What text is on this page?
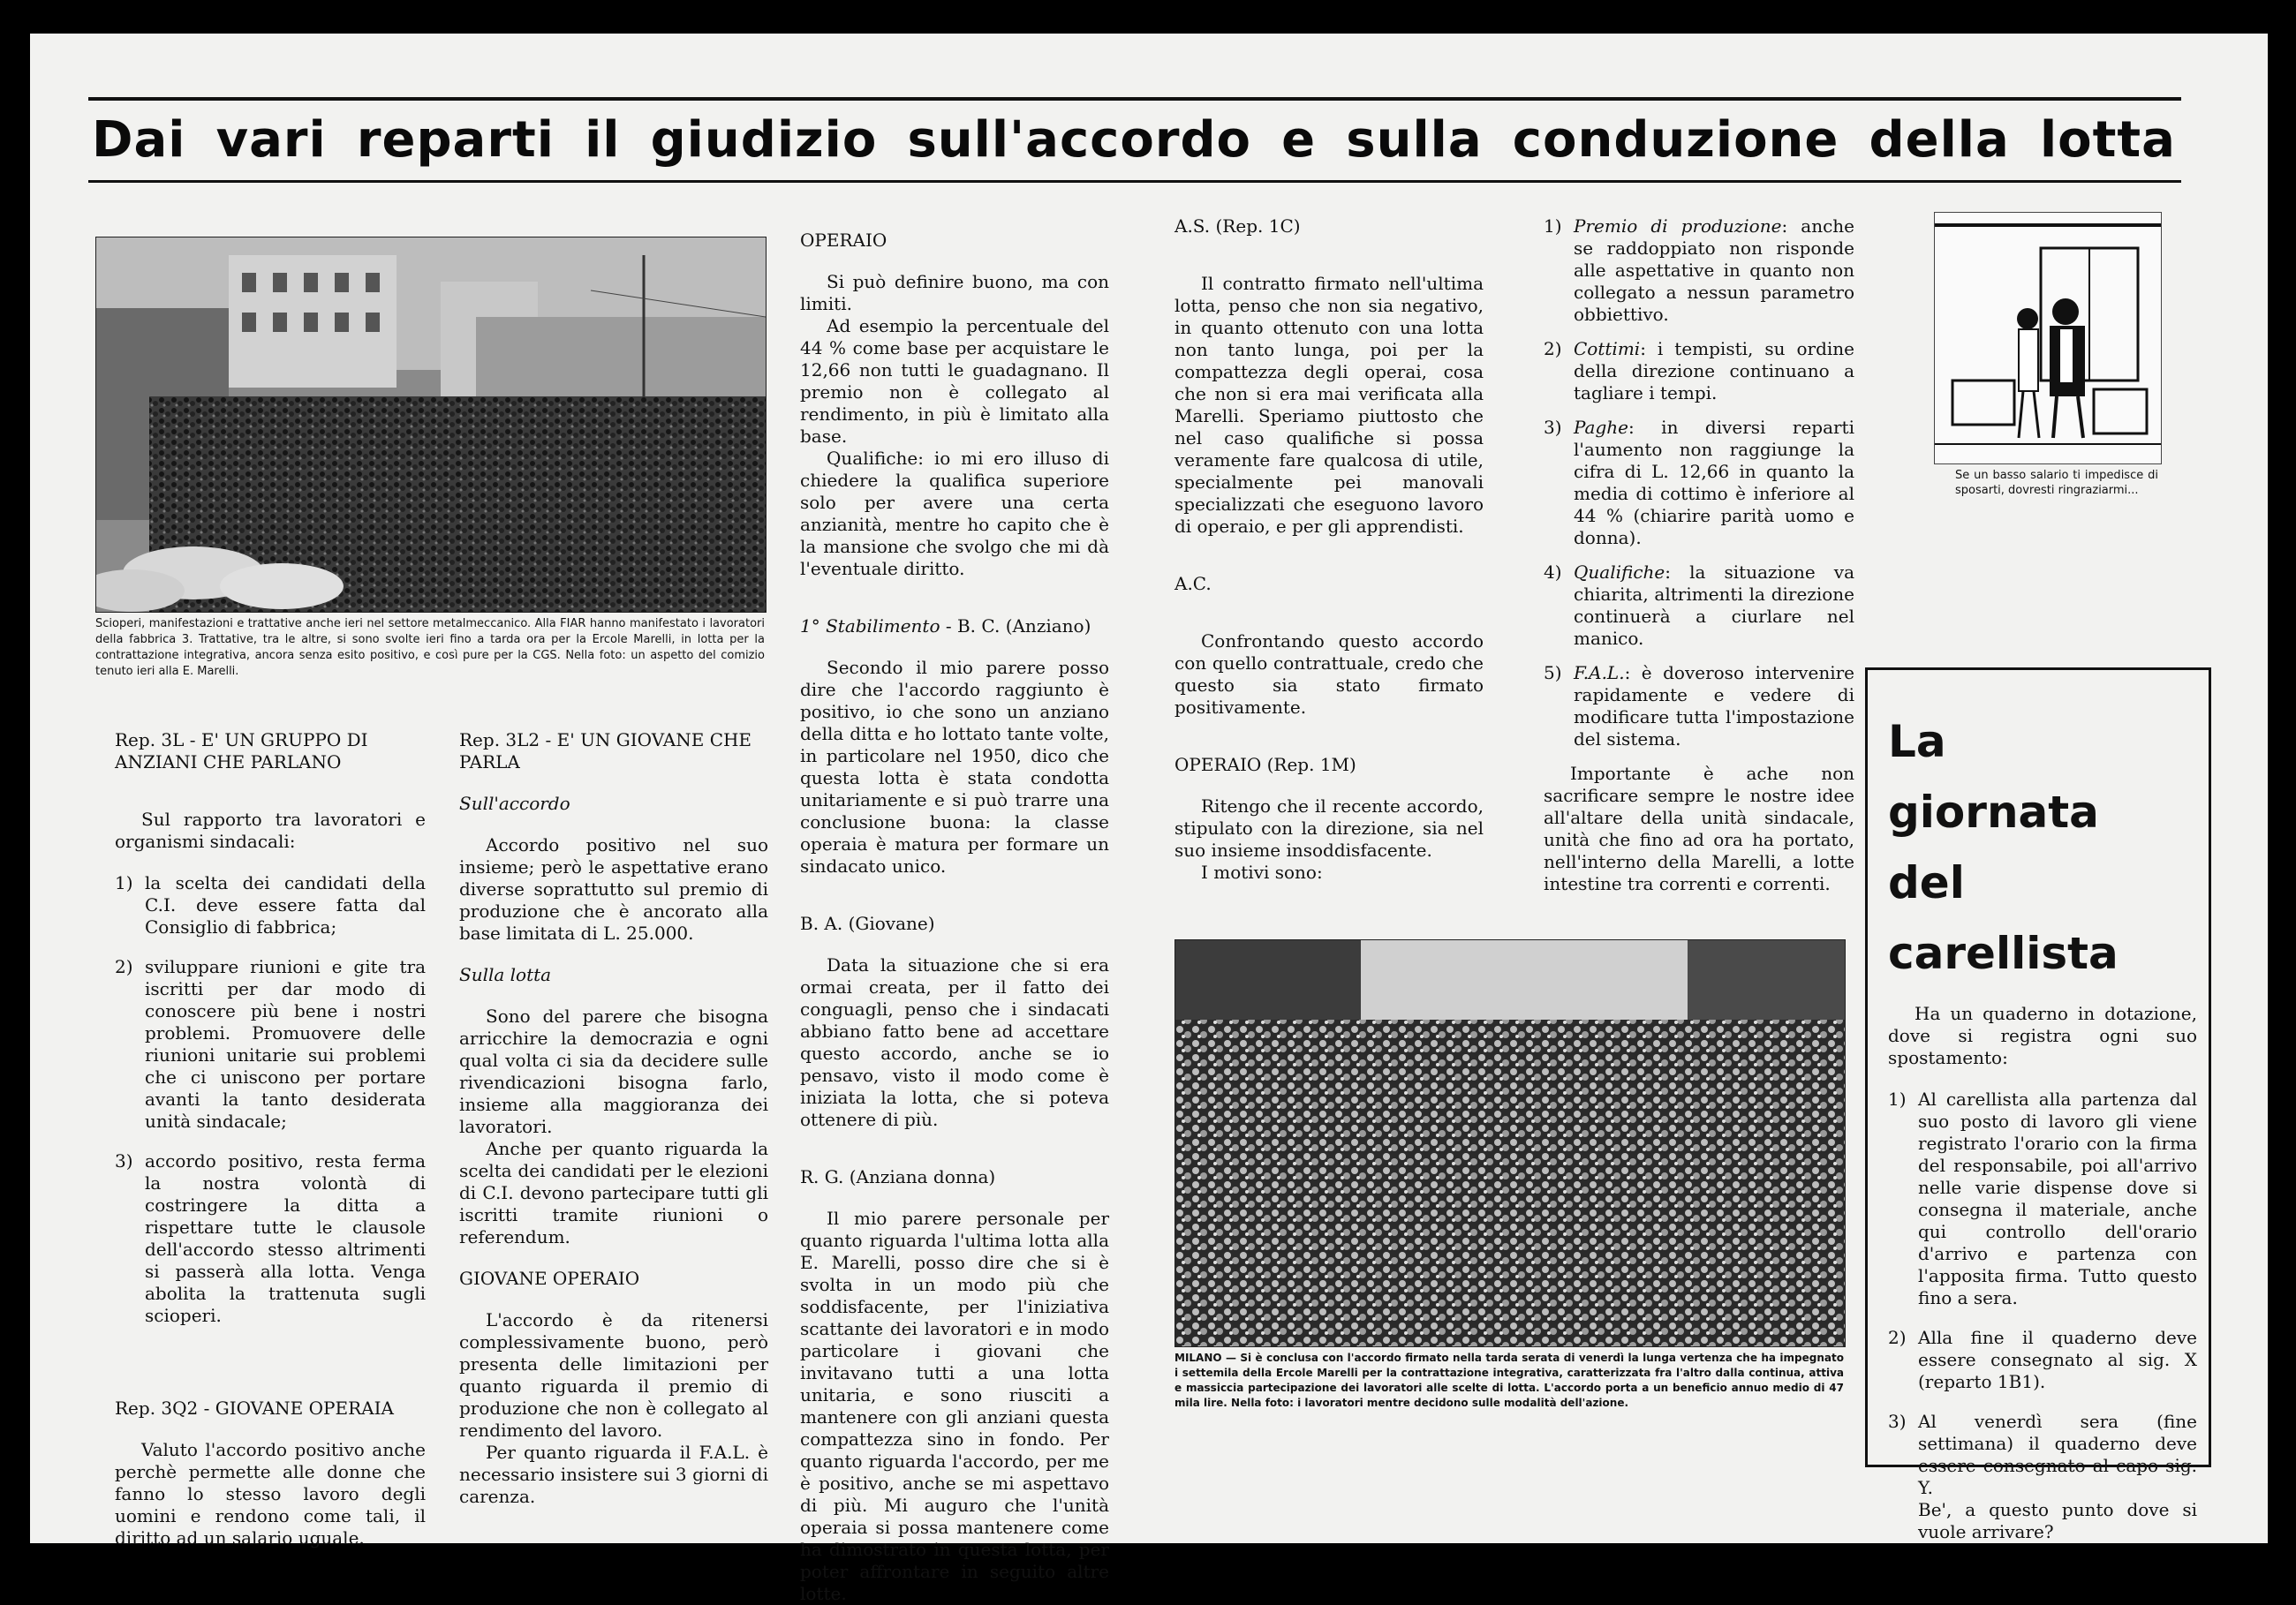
Dai vari reparti il giudizio sull'accordo e sulla conduzione della lotta
Scioperi, manifestazioni e trattative anche ieri nel settore metalmeccanico. Alla FIAR hanno manifestato i lavoratori della fabbrica 3. Trattative, tra le altre, si sono svolte ieri fino a tarda ora per la Ercole Marelli, in lotta per la contrattazione integrativa, ancora senza esito positivo, e così pure per la CGS. Nella foto: un aspetto del comizio tenuto ieri alla E. Marelli.

Rep. 3L - E' UN GRUPPO DI ANZIANI CHE PARLANO

Sul rapporto tra lavoratori e organismi sindacali:

1) la scelta dei candidati della C.I. deve essere fatta dal Consiglio di fabbrica;
2) sviluppare riunioni e gite tra iscritti per dar modo di conoscere più bene i nostri problemi. Promuovere delle riunioni unitarie sui problemi che ci uniscono per portare avanti la tanto desiderata unità sindacale;
3) accordo positivo, resta ferma la nostra volontà di costringere la ditta a rispettare tutte le clausole dell'accordo stesso altrimenti si passerà alla lotta. Venga abolita la trattenuta sugli scioperi.

Rep. 3Q2 - GIOVANE OPERAIA

Valuto l'accordo positivo anche perchè permette alle donne che fanno lo stesso lavoro degli uomini e rendono come tali, il diritto ad un salario uguale.

Rep. 3L2 - E' UN GIOVANE CHE PARLA

Sull'accordo

Accordo positivo nel suo insieme; però le aspettative erano diverse soprattutto sul premio di produzione che è ancorato alla base limitata di L. 25.000.

Sulla lotta

Sono del parere che bisogna arricchire la democrazia e ogni qual volta ci sia da decidere sulle rivendicazioni bisogna farlo, insieme alla maggioranza dei lavoratori.

Anche per quanto riguarda la scelta dei candidati per le elezioni di C.I. devono partecipare tutti gli iscritti tramite riunioni o referendum.

GIOVANE OPERAIO

L'accordo è da ritenersi complessivamente buono, però presenta delle limitazioni per quanto riguarda il premio di produzione che non è collegato al rendimento del lavoro.

Per quanto riguarda il F.A.L. è necessario insistere sui 3 giorni di carenza.

OPERAIO

Si può definire buono, ma con limiti.

Ad esempio la percentuale del 44 % come base per acquistare le 12,66 non tutti le guadagnano. Il premio non è collegato al rendimento, in più è limitato alla base.

Qualifiche: io mi ero illuso di chiedere la qualifica superiore solo per avere una certa anzianità, mentre ho capito che è la mansione che svolgo che mi dà l'eventuale diritto.

1° Stabilimento - B. C. (Anziano)

Secondo il mio parere posso dire che l'accordo raggiunto è positivo, io che sono un anziano della ditta e ho lottato tante volte, in particolare nel 1950, dico che questa lotta è stata condotta unitariamente e si può trarre una conclusione buona: la classe operaia è matura per formare un sindacato unico.

B. A. (Giovane)

Data la situazione che si era ormai creata, per il fatto dei conguagli, penso che i sindacati abbiano fatto bene ad accettare questo accordo, anche se io pensavo, visto il modo come è iniziata la lotta, che si poteva ottenere di più.

R. G. (Anziana donna)

Il mio parere personale per quanto riguarda l'ultima lotta alla E. Marelli, posso dire che si è svolta in un modo più che soddisfacente, per l'iniziativa scattante dei lavoratori e in modo particolare i giovani che invitavano tutti a una lotta unitaria, e sono riusciti a mantenere con gli anziani questa compattezza sino in fondo. Per quanto riguarda l'accordo, per me è positivo, anche se mi aspettavo di più. Mi auguro che l'unità operaia si possa mantenere come ha dimostrato in questa lotta, per poter affrontare in seguito altre lotte.

A.S. (Rep. 1C)

Il contratto firmato nell'ultima lotta, penso che non sia negativo, in quanto ottenuto con una lotta non tanto lunga, poi per la compattezza degli operai, cosa che non si era mai verificata alla Marelli. Speriamo piuttosto che nel caso qualifiche si possa veramente fare qualcosa di utile, specialmente pei manovali specializzati che eseguono lavoro di operaio, e per gli apprendisti.

A.C.

Confrontando questo accordo con quello contrattuale, credo che questo sia stato firmato positivamente.

OPERAIO (Rep. 1M)

Ritengo che il recente accordo, stipulato con la direzione, sia nel suo insieme insoddisfacente.

I motivi sono:

1) Premio di produzione: anche se raddoppiato non risponde alle aspettative in quanto non collegato a nessun parametro obbiettivo.
2) Cottimi: i tempisti, su ordine della direzione continuano a tagliare i tempi.
3) Paghe: in diversi reparti l'aumento non raggiunge la cifra di L. 12,66 in quanto la media di cottimo è inferiore al 44 % (chiarire parità uomo e donna).
4) Qualifiche: la situazione va chiarita, altrimenti la direzione continuerà a ciurlare nel manico.
5) F.A.L.: è doveroso intervenire rapidamente e vedere di modificare tutta l'impostazione del sistema.

Importante è ache non sacrificare sempre le nostre idee all'altare della unità sindacale, unità che fino ad ora ha portato, nell'interno della Marelli, a lotte intestine tra correnti e correnti.

Se un basso salario ti impedisce di sposarti, dovresti ringraziarmi...
MILANO — Si è conclusa con l'accordo firmato nella tarda serata di venerdì la lunga vertenza che ha impegnato i settemila della Ercole Marelli per la contrattazione integrativa, caratterizzata fra l'altro dalla continua, attiva e massiccia partecipazione dei lavoratori alle scelte di lotta. L'accordo porta a un beneficio annuo medio di 47 mila lire. Nella foto: i lavoratori mentre decidono sulle modalità dell'azione.
La
giornata
del
carellista

Ha un quaderno in dotazione, dove si registra ogni suo spostamento:

1) Al carellista alla partenza dal suo posto di lavoro gli viene registrato l'orario con la firma del responsabile, poi all'arrivo nelle varie dispense dove si consegna il materiale, anche qui controllo dell'orario d'arrivo e partenza con l'apposita firma. Tutto questo fino a sera.
2) Alla fine il quaderno deve essere consegnato al sig. X (reparto 1B1).
3) Al venerdì sera (fine settimana) il quaderno deve essere consegnato al capo sig. Y.

Be', a questo punto dove si vuole arrivare?
